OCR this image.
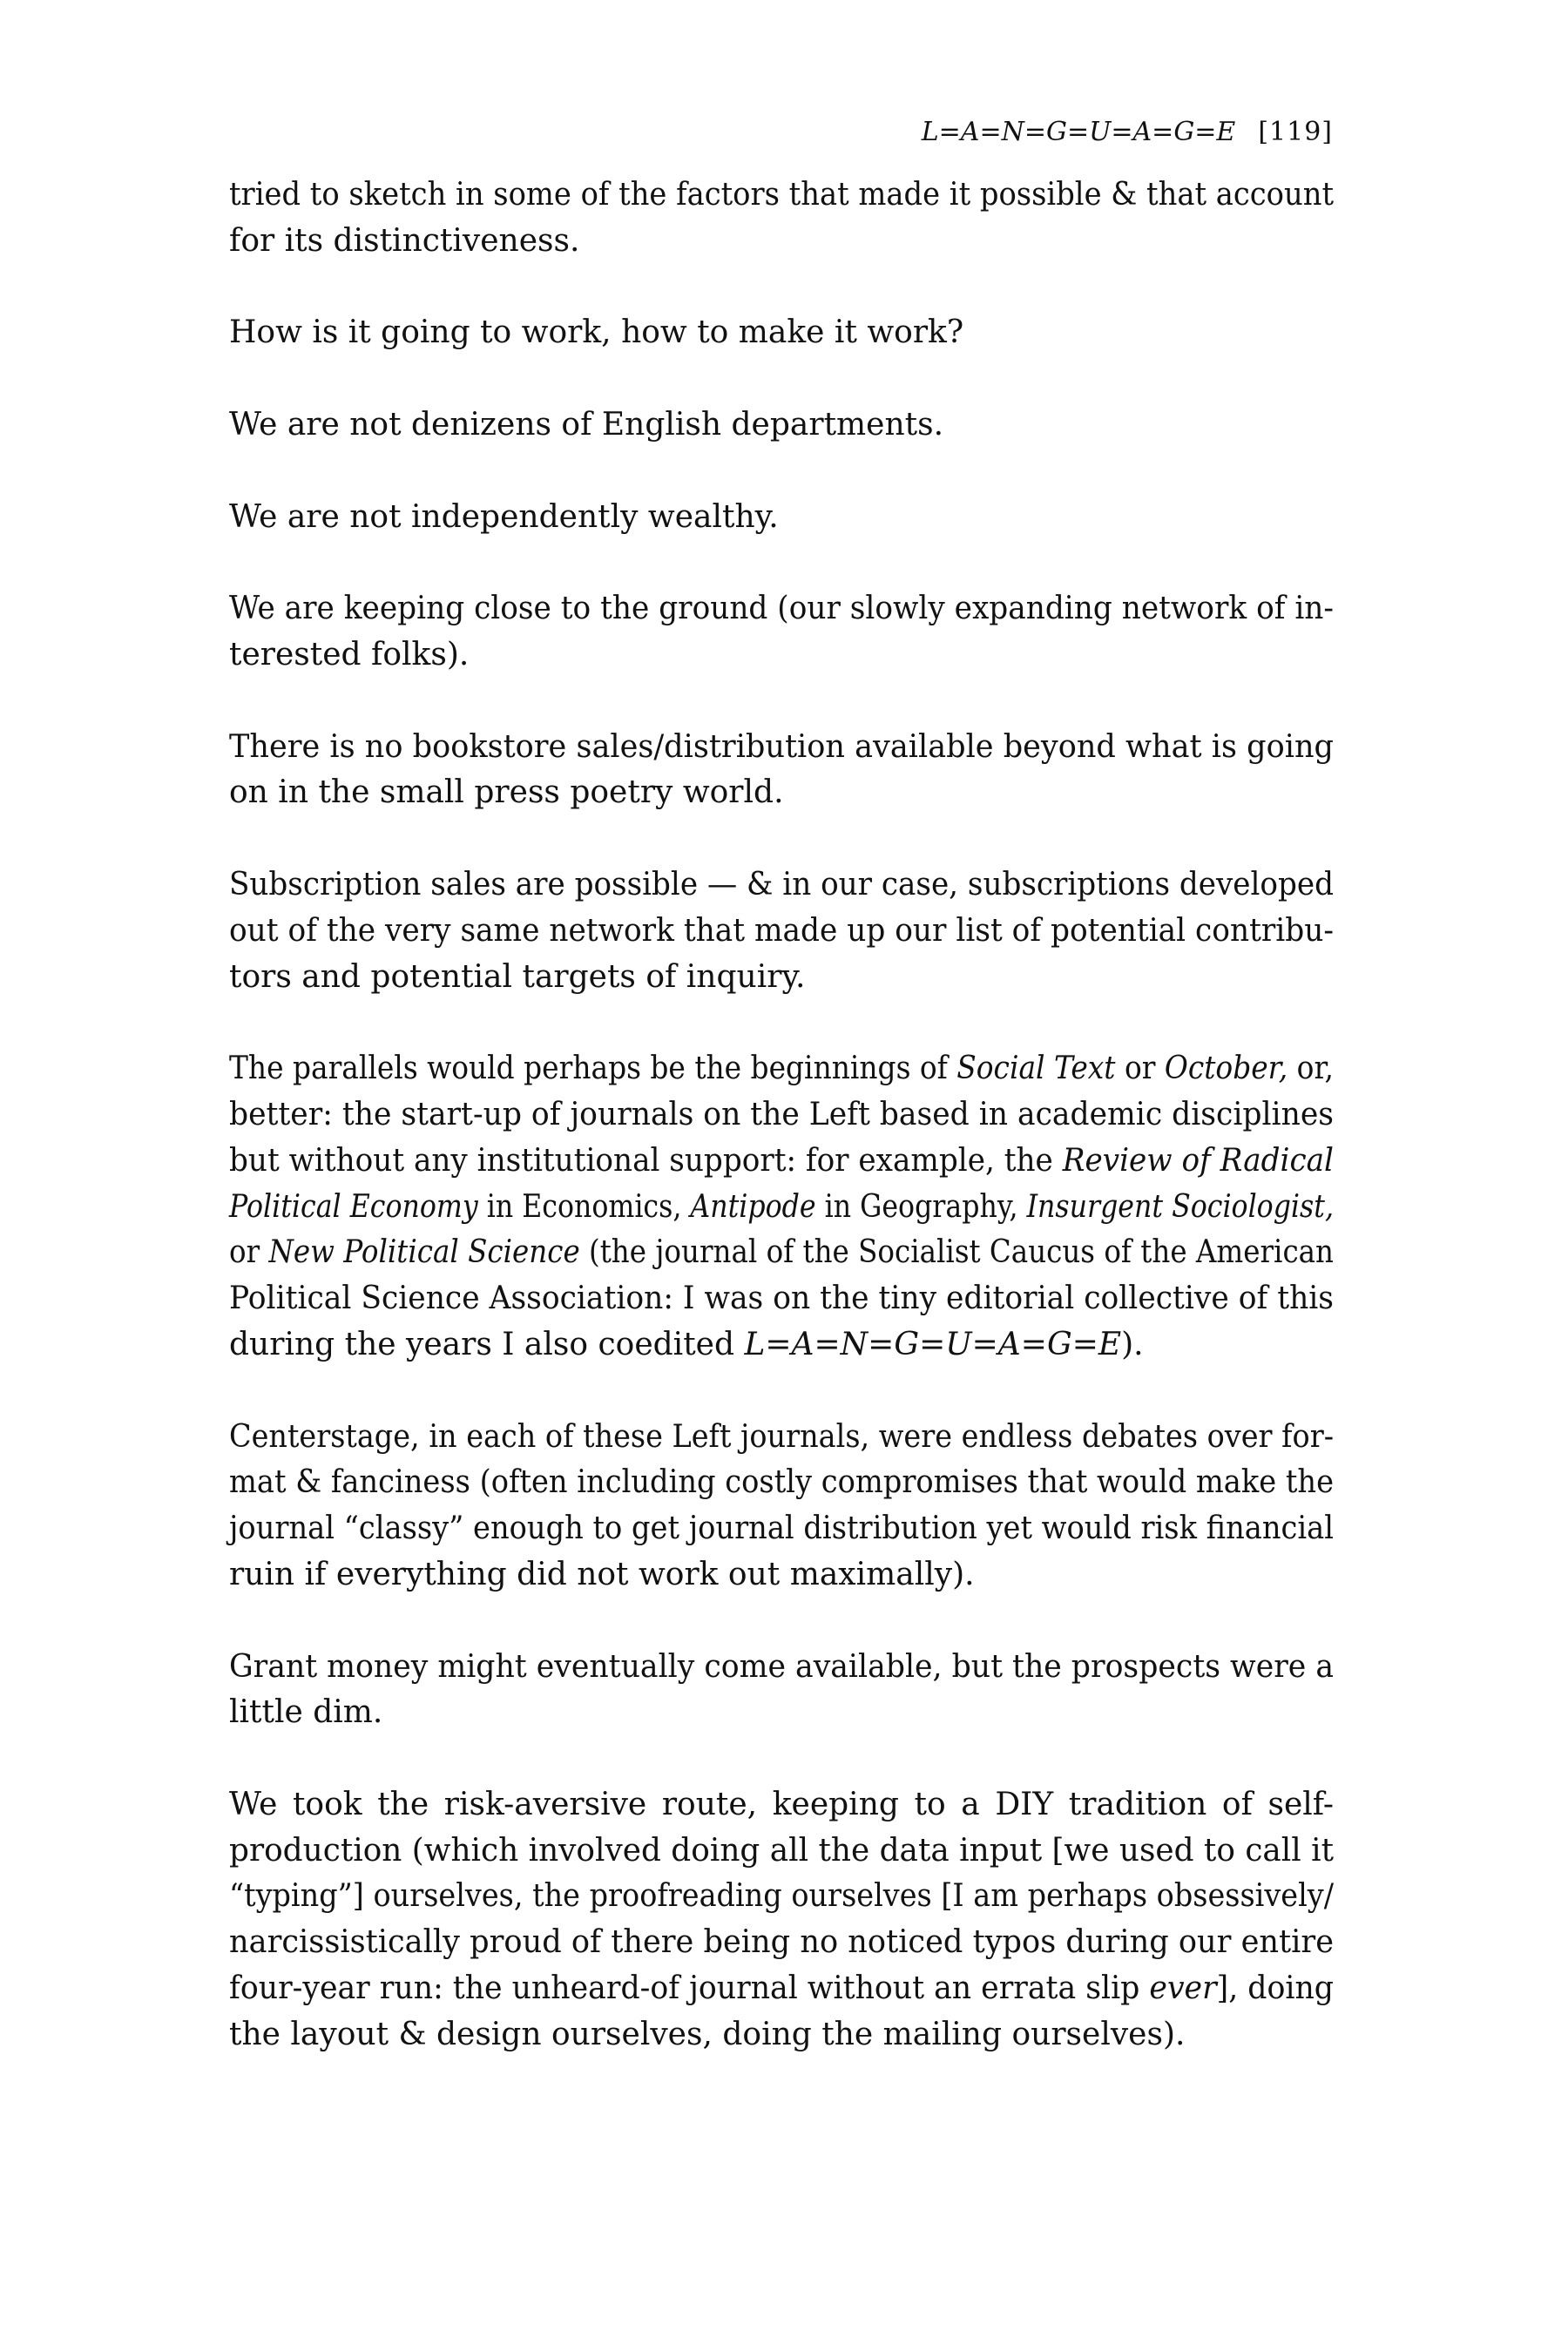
L=A=N=G=U=A=G=E [119]
tried to sketch in some of the factors that made it possible & that account
for its distinctiveness.
How is it going to work, how to make it work?
We are not denizens of English departments.
We are not independently wealthy.
We are keeping close to the ground (our slowly expanding network of in-
terested folks).
There is no bookstore sales/distribution available beyond what is going
on in the small press poetry world.
Subscription sales are possible — & in our case, subscriptions developed
out of the very same network that made up our list of potential contribu-
tors and potential targets of inquiry.
The parallels would perhaps be the beginnings of Social Text or October, or,
better: the start-up of journals on the Left based in academic disciplines
but without any institutional support: for example, the Review of Radical
Political Economy in Economics, Antipode in Geography, Insurgent Sociologist,
or New Political Science (the journal of the Socialist Caucus of the American
Political Science Association: I was on the tiny editorial collective of this
during the years I also coedited L=A=N=G=U=A=G=E).
Centerstage, in each of these Left journals, were endless debates over for-
mat & fanciness (often including costly compromises that would make the
journal “classy” enough to get journal distribution yet would risk financial
ruin if everything did not work out maximally).
Grant money might eventually come available, but the prospects were a
little dim.
We took the risk-aversive route, keeping to a DIY tradition of self-
production (which involved doing all the data input [we used to call it
“typing”] ourselves, the proofreading ourselves [I am perhaps obsessively/
narcissistically proud of there being no noticed typos during our entire
four-year run: the unheard-of journal without an errata slip ever], doing
the layout & design ourselves, doing the mailing ourselves).
